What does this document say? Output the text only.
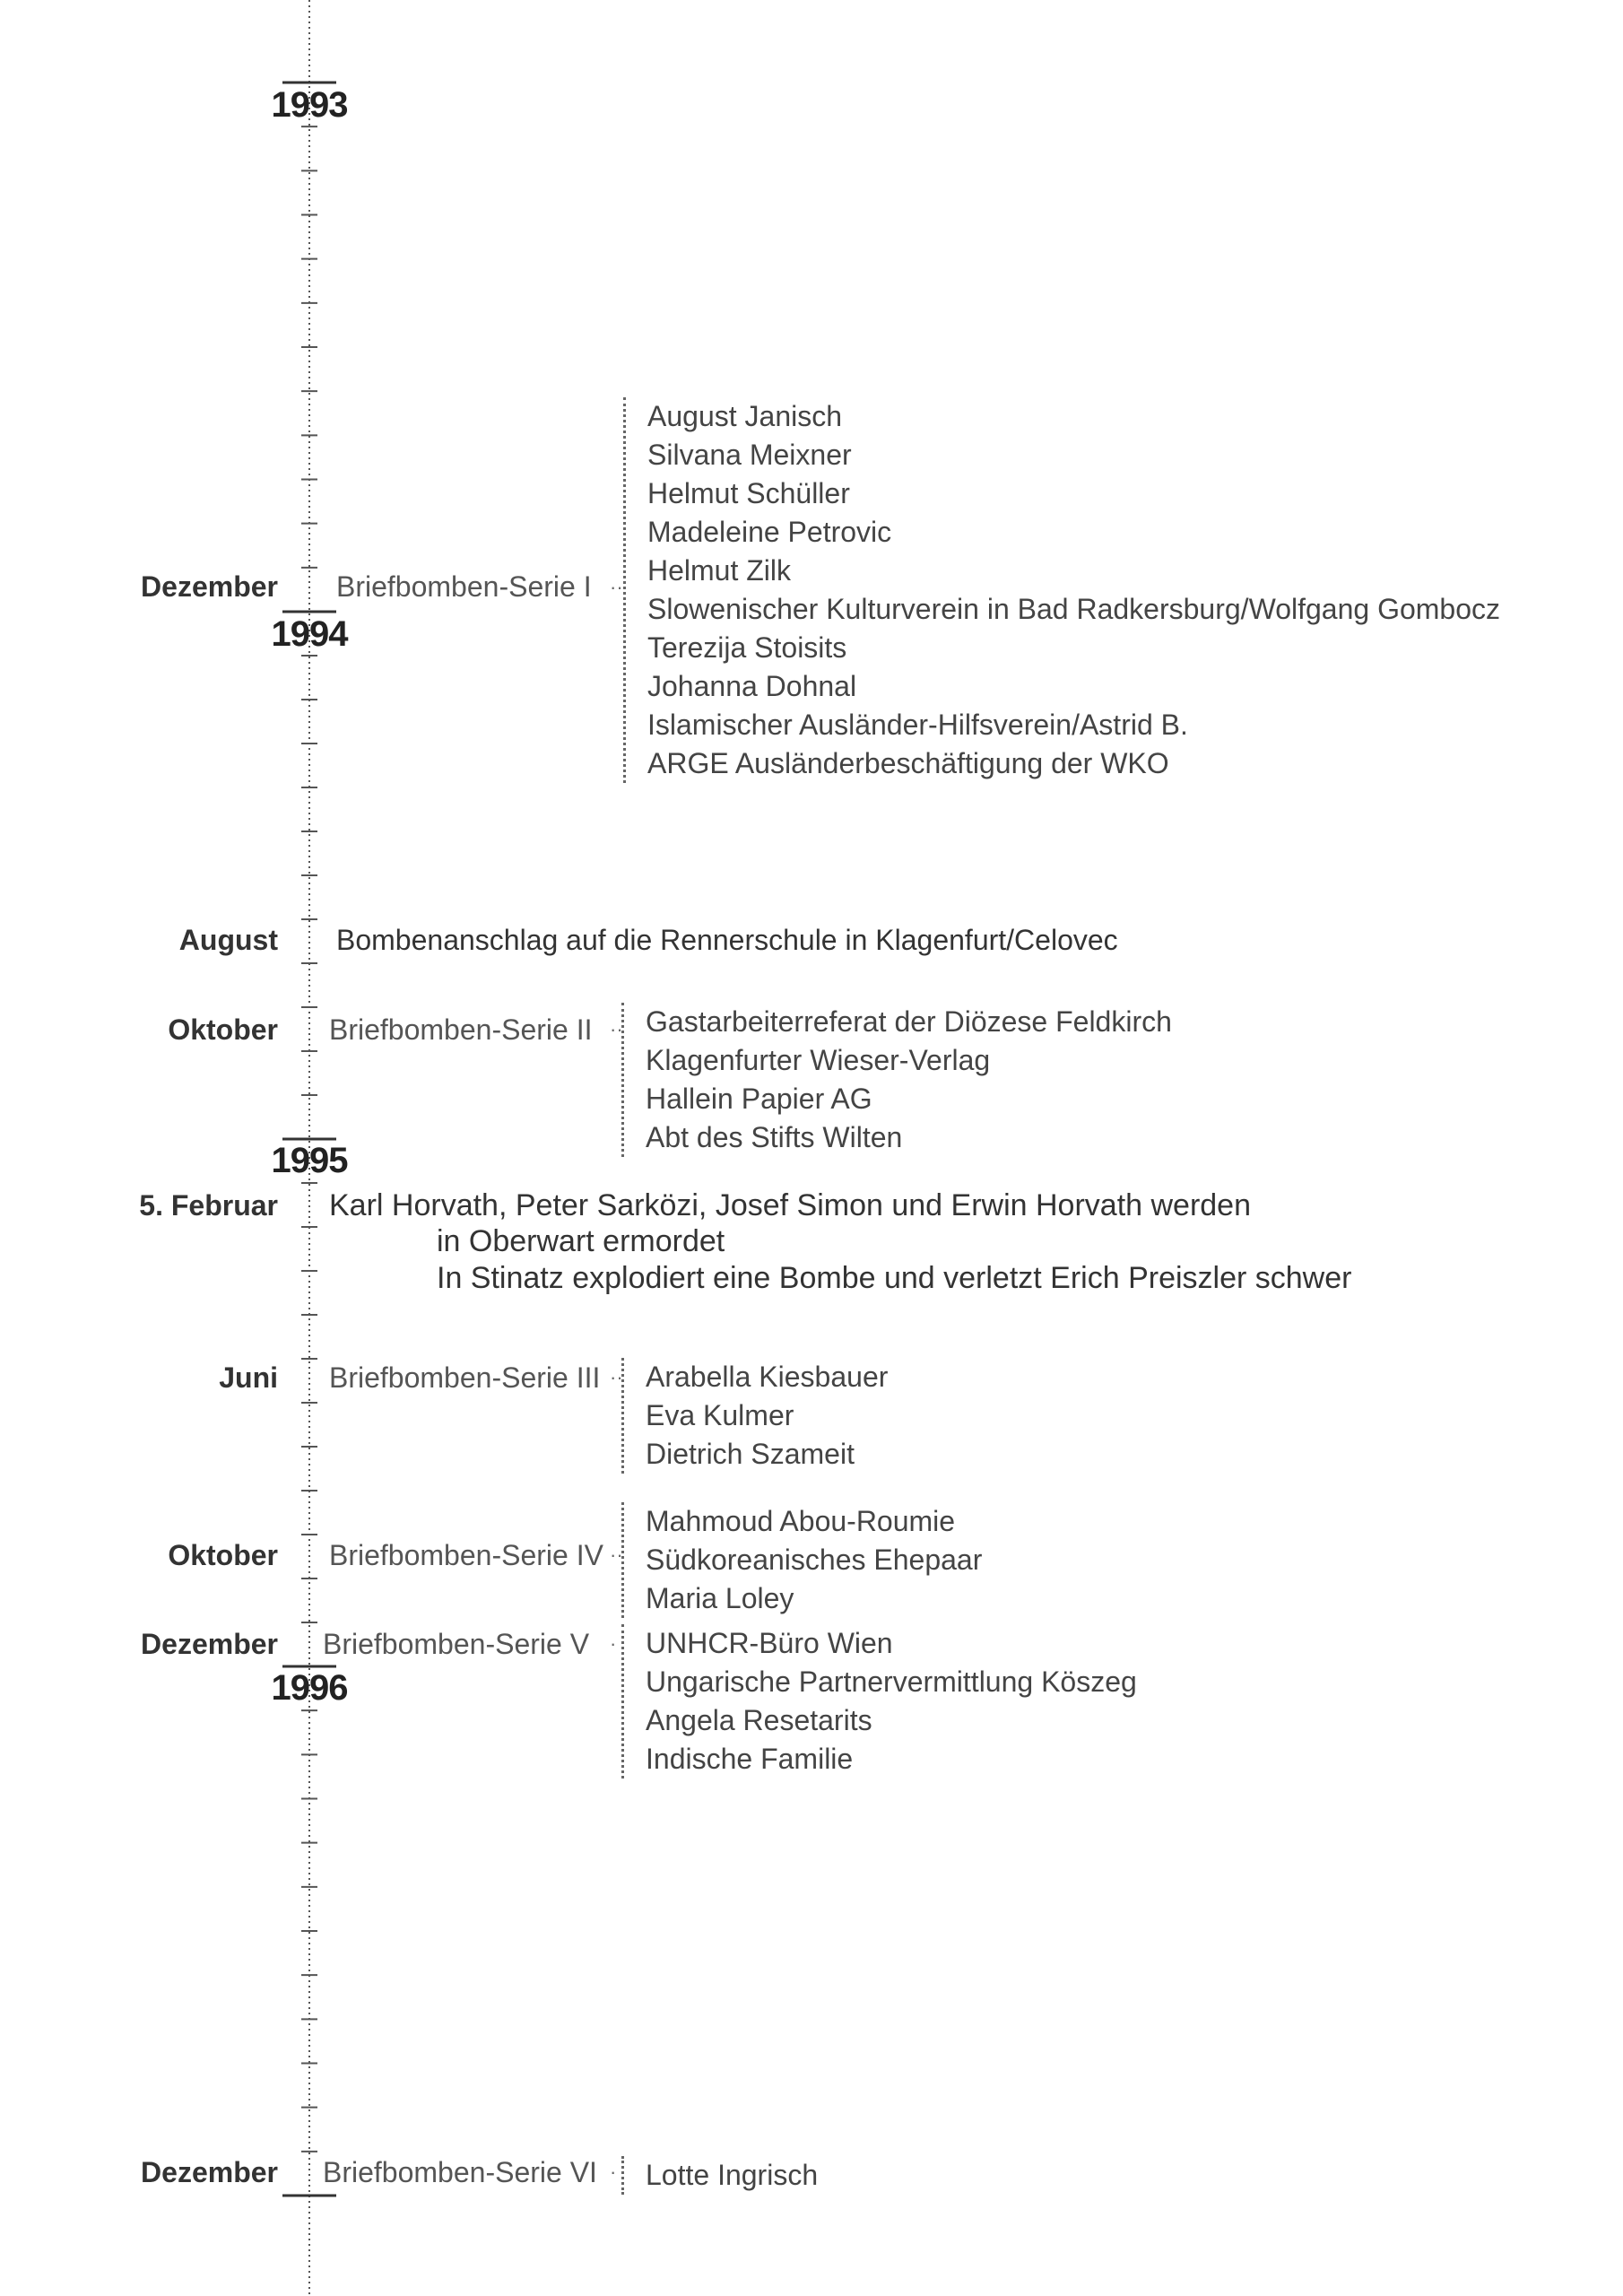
1993
1994
1995
1996
Dezember Briefbomben-Serie I ··
August Janisch
Silvana Meixner
Helmut Schüller
Madeleine Petrovic
Helmut Zilk
Slowenischer Kulturverein in Bad Radkersburg/Wolfgang Gombocz
Terezija Stoisits
Johanna Dohnal
Islamischer Ausländer-Hilfsverein/Astrid B.
ARGE Ausländerbeschäftigung der WKO
August Bombenanschlag auf die Rennerschule in Klagenfurt/Celovec
Oktober Briefbomben-Serie II ·· Gastarbeiterreferat der Diözese Feldkirch
Klagenfurter Wieser-Verlag
Hallein Papier AG
Abt des Stifts Wilten
5. Februar Karl Horvath, Peter Sarközi, Josef Simon und Erwin Horvath werden
in Oberwart ermordet
In Stinatz explodiert eine Bombe und verletzt Erich Preiszler schwer
Juni Briefbomben-Serie III ·· Arabella Kiesbauer
Eva Kulmer
Dietrich Szameit
Oktober Briefbomben-Serie IV ··
Mahmoud Abou-Roumie
Südkoreanisches Ehepaar
Maria Loley
Dezember Briefbomben-Serie V · UNHCR-Büro Wien
Ungarische Partnervermittlung Köszeg
Angela Resetarits
Indische Familie
Dezember Briefbomben-Serie VI · Lotte Ingrisch
